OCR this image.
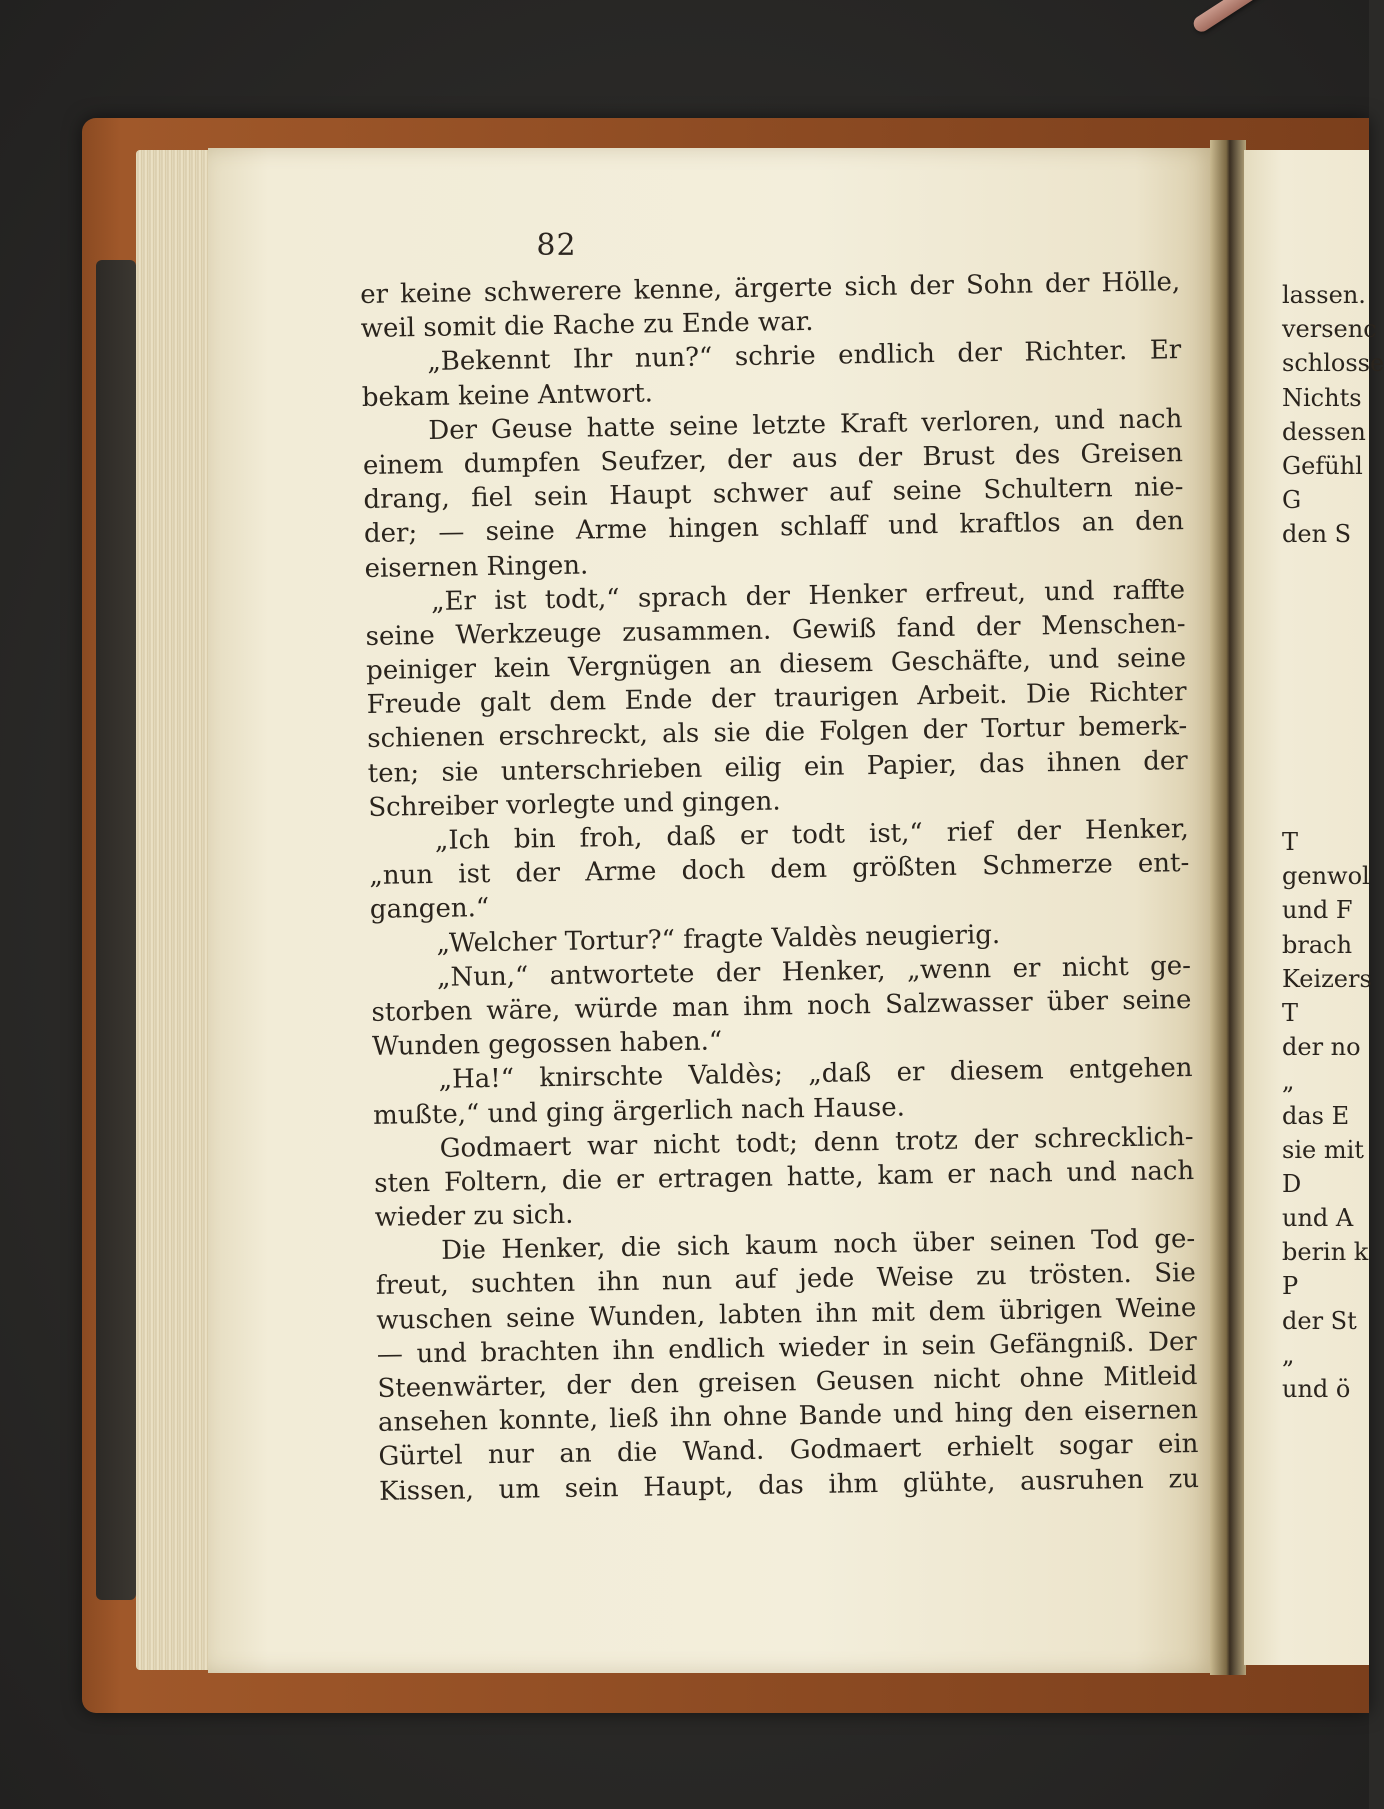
82
er keine schwerere kenne, ärgerte sich der Sohn der Hölle,
weil somit die Rache zu Ende war.
„Bekennt Ihr nun?“ schrie endlich der Richter. Er
bekam keine Antwort.
Der Geuse hatte seine letzte Kraft verloren, und nach
einem dumpfen Seufzer, der aus der Brust des Greisen
drang, fiel sein Haupt schwer auf seine Schultern nie-
der; — seine Arme hingen schlaff und kraftlos an den
eisernen Ringen.
„Er ist todt,“ sprach der Henker erfreut, und raffte
seine Werkzeuge zusammen. Gewiß fand der Menschen-
peiniger kein Vergnügen an diesem Geschäfte, und seine
Freude galt dem Ende der traurigen Arbeit. Die Richter
schienen erschreckt, als sie die Folgen der Tortur bemerk-
ten; sie unterschrieben eilig ein Papier, das ihnen der
Schreiber vorlegte und gingen.
„Ich bin froh, daß er todt ist,“ rief der Henker,
„nun ist der Arme doch dem größten Schmerze ent-
gangen.“
„Welcher Tortur?“ fragte Valdès neugierig.
„Nun,“ antwortete der Henker, „wenn er nicht ge-
storben wäre, würde man ihm noch Salzwasser über seine
Wunden gegossen haben.“
„Ha!“ knirschte Valdès; „daß er diesem entgehen
mußte,“ und ging ärgerlich nach Hause.
Godmaert war nicht todt; denn trotz der schrecklich-
sten Foltern, die er ertragen hatte, kam er nach und nach
wieder zu sich.
Die Henker, die sich kaum noch über seinen Tod ge-
freut, suchten ihn nun auf jede Weise zu trösten. Sie
wuschen seine Wunden, labten ihn mit dem übrigen Weine
— und brachten ihn endlich wieder in sein Gefängniß. Der
Steenwärter, der den greisen Geusen nicht ohne Mitleid
ansehen konnte, ließ ihn ohne Bande und hing den eisernen
Gürtel nur an die Wand. Godmaert erhielt sogar ein
Kissen, um sein Haupt, das ihm glühte, ausruhen zu
lassen.
versenc
schlosse
Nichts
dessen
Gefühl
G
den S
T
genwol
und F
brach
Keizers
T
der no
„
das E
sie mit
D
und A
berin k
P
der St
„
und ö
